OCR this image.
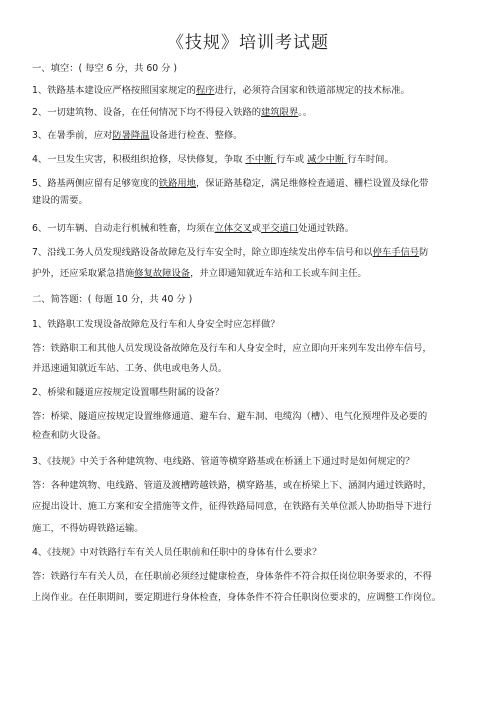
《技规》培训考试题
一、填空：( 每空 6 分，共 60 分 )
1、铁路基本建设应严格按照国家规定的程序进行，必须符合国家和铁道部规定的技术标准。
2、一切建筑物、设备，在任何情况下均不得侵入铁路的建筑限界。。
3、在暑季前，应对防暑降温设备进行检查、整修。
4、一旦发生灾害，积极组织抢修，尽快修复，争取 不中断 行车或 减少中断 行车时间。
5、路基两侧应留有足够宽度的铁路用地，保证路基稳定，满足维修检查通道、栅栏设置及绿化带
建设的需要。
6、一切车辆、自动走行机械和牲畜，均须在立体交叉或平交道口处通过铁路。
7、沿线工务人员发现线路设备故障危及行车安全时，除立即连续发出停车信号和以停车手信号防
护外，还应采取紧急措施修复故障设备，并立即通知就近车站和工长或车间主任。
二、简答题：( 每题 10 分，共 40 分 )
1、铁路职工发现设备故障危及行车和人身安全时应怎样做？
答：铁路职工和其他人员发现设备故障危及行车和人身安全时，应立即向开来列车发出停车信号，
并迅速通知就近车站、工务、供电或电务人员。
2、桥梁和隧道应按规定设置哪些附属的设备？
答：桥梁、隧道应按规定设置维修通道、避车台、避车洞、电缆沟（槽）、电气化预埋件及必要的
检查和防火设备。
3、《技规》中关于各种建筑物、电线路、管道等横穿路基或在桥涵上下通过时是如何规定的？
答：各种建筑物、电线路、管道及渡槽跨越铁路，横穿路基，或在桥梁上下、涵洞内通过铁路时，
应提出设计、施工方案和安全措施等文件，征得铁路局同意，在铁路有关单位派人协助指导下进行
施工，不得妨碍铁路运输。
4、《技规》中对铁路行车有关人员任职前和任职中的身体有什么要求？
答：铁路行车有关人员，在任职前必须经过健康检查，身体条件不符合拟任岗位职务要求的，不得
上岗作业。在任职期间，要定期进行身体检查，身体条件不符合任职岗位要求的，应调整工作岗位。
